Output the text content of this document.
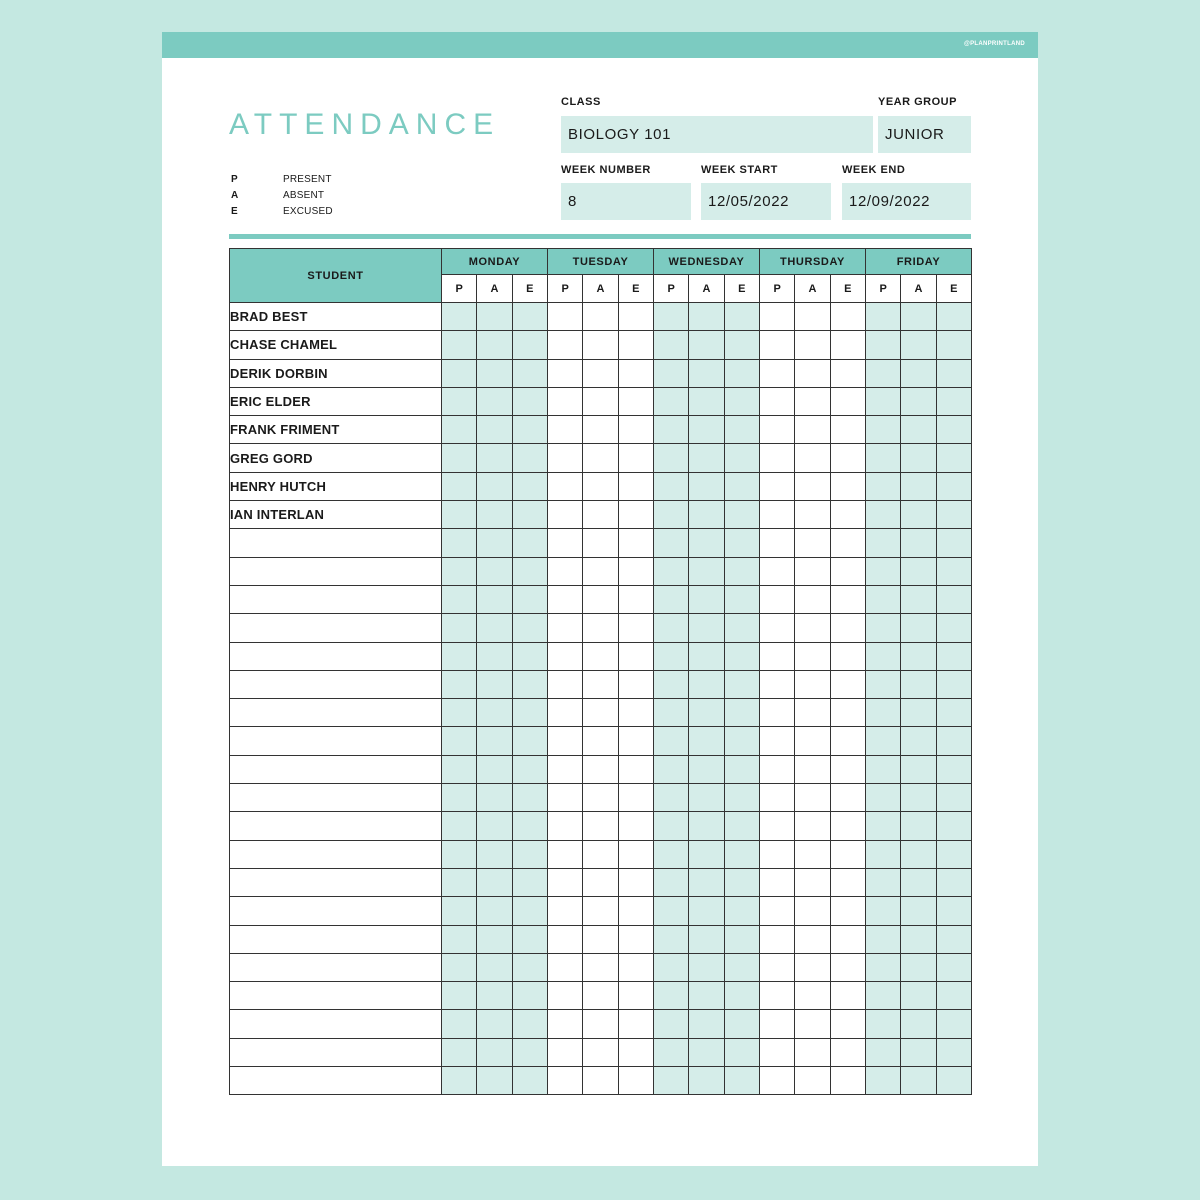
@PLANPRINTLAND
ATTENDANCE
P	PRESENT
A	ABSENT
E	EXCUSED
CLASS
BIOLOGY 101
YEAR GROUP
JUNIOR
WEEK NUMBER
8
WEEK START
12/05/2022
WEEK END
12/09/2022
STUDENT	MONDAY			TUESDAY			WEDNESDAY			THURSDAY			FRIDAY		
	P	A	E	P	A	E	P	A	E	P	A	E	P	A	E
BRAD BEST															
CHASE CHAMEL															
DERIK DORBIN															
ERIC ELDER															
FRANK FRIMENT															
GREG GORD															
HENRY HUTCH															
IAN INTERLAN															
